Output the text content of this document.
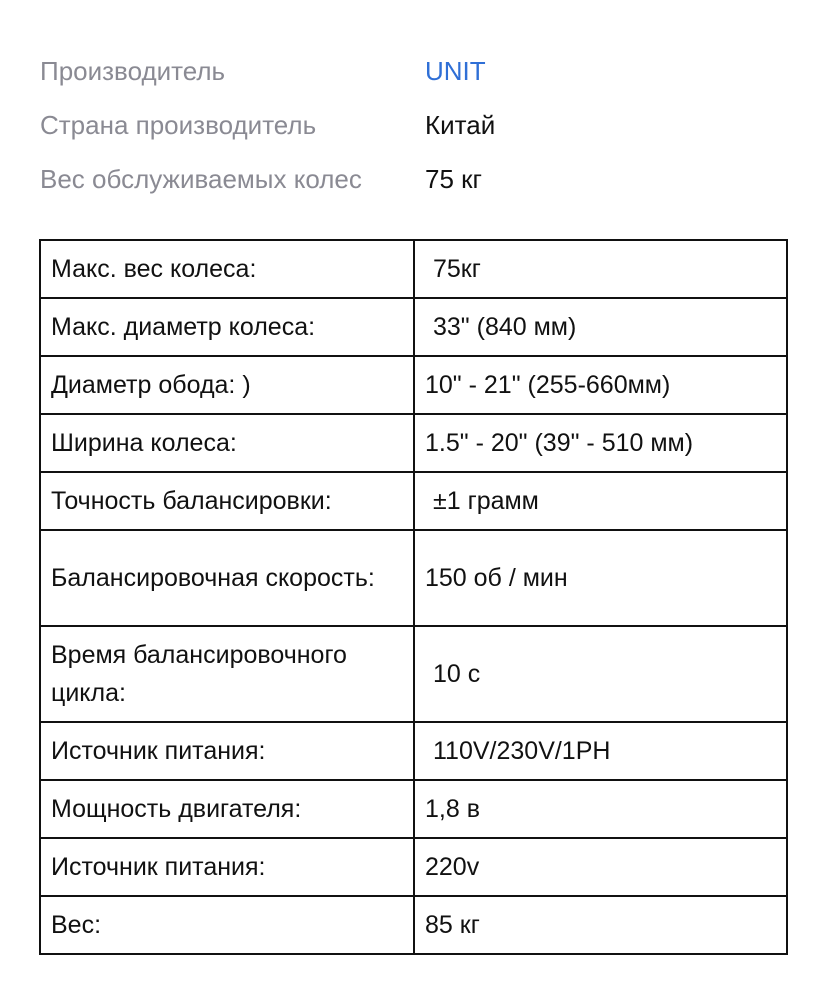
Производитель	UNIT
Страна производитель	Китай
Вес обслуживаемых колес	75 кг
Макс. вес колеса:	75кг
Макс. диаметр колеса:	33" (840 мм)
Диаметр обода: )	10" - 21" (255-660мм)
Ширина колеса:	1.5" - 20" (39" - 510 мм)
Точность балансировки:	±1 грамм
Балансировочная скорость:	150 об / мин
Время балансировочного цикла:	10 с
Источник питания:	110V/230V/1PH
Мощность двигателя:	1,8 в
Источник питания:	220v
Вес:	85 кг
